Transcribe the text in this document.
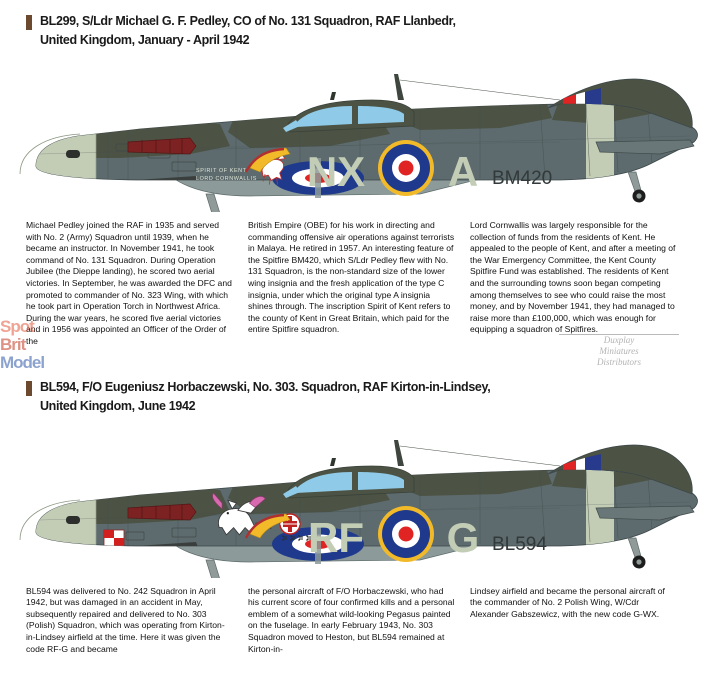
BL299, S/Ldr Michael G. F. Pedley, CO of No. 131 Squadron, RAF Llanbedr,
United Kingdom, January - April 1942
NX A BM420
SPIRIT OF KENT
LORD CORNWALLIS

Michael Pedley joined the RAF in 1935 and served with No. 2 (Army) Squadron until 1939, when he became an instructor. In November 1941, he took command of No. 131 Squadron. During Operation Jubilee (the Dieppe landing), he scored two aerial victories. In September, he was awarded the DFC and promoted to commander of No. 323 Wing, with which he took part in Operation Torch in Northwest Africa. During the war years, he scored five aerial victories and in 1956 was appointed an Officer of the Order of the

British Empire (OBE) for his work in directing and commanding offensive air operations against terrorists in Malaya. He retired in 1957. An interesting feature of the Spitfire BM420, which S/Ldr Pedley flew with No. 131 Squadron, is the non-standard size of the lower wing insignia and the fresh application of the type C insignia, under which the original type A insignia shines through. The inscription Spirit of Kent refers to the county of Kent in Great Britain, which paid for the entire Spitfire squadron.

Lord Cornwallis was largely responsible for the collection of funds from the residents of Kent. He appealed to the people of Kent, and after a meeting of the War Emergency Committee, the Kent County Spitfire Fund was established. The residents of Kent and the surrounding towns soon began competing among themselves to see who could raise the most money, and by November 1941, they had managed to raise more than £100,000, which was enough for equipping a squadron of Spitfires.

BL594, F/O Eugeniusz Horbaczewski, No. 303. Squadron, RAF Kirton-in-Lindsey,
United Kingdom, June 1942
RF G BL594

BL594 was delivered to No. 242 Squadron in April 1942, but was damaged in an accident in May, subsequently repaired and delivered to No. 303 (Polish) Squadron, which was operating from Kirton-in-Lindsey airfield at the time. Here it was given the code RF-G and became

the personal aircraft of F/O Horbaczewski, who had his current score of four confirmed kills and a personal emblem of a somewhat wild-looking Pegasus painted on the fuselage. In early February 1943, No. 303 Squadron moved to Heston, but BL594 remained at Kirton-in-

Lindsey airfield and became the personal aircraft of the commander of No. 2 Polish Wing, W/Cdr Alexander Gabszewicz, with the new code G-WX.

Spot
Brit
Model
Duxplay
Miniatures
Distributors
